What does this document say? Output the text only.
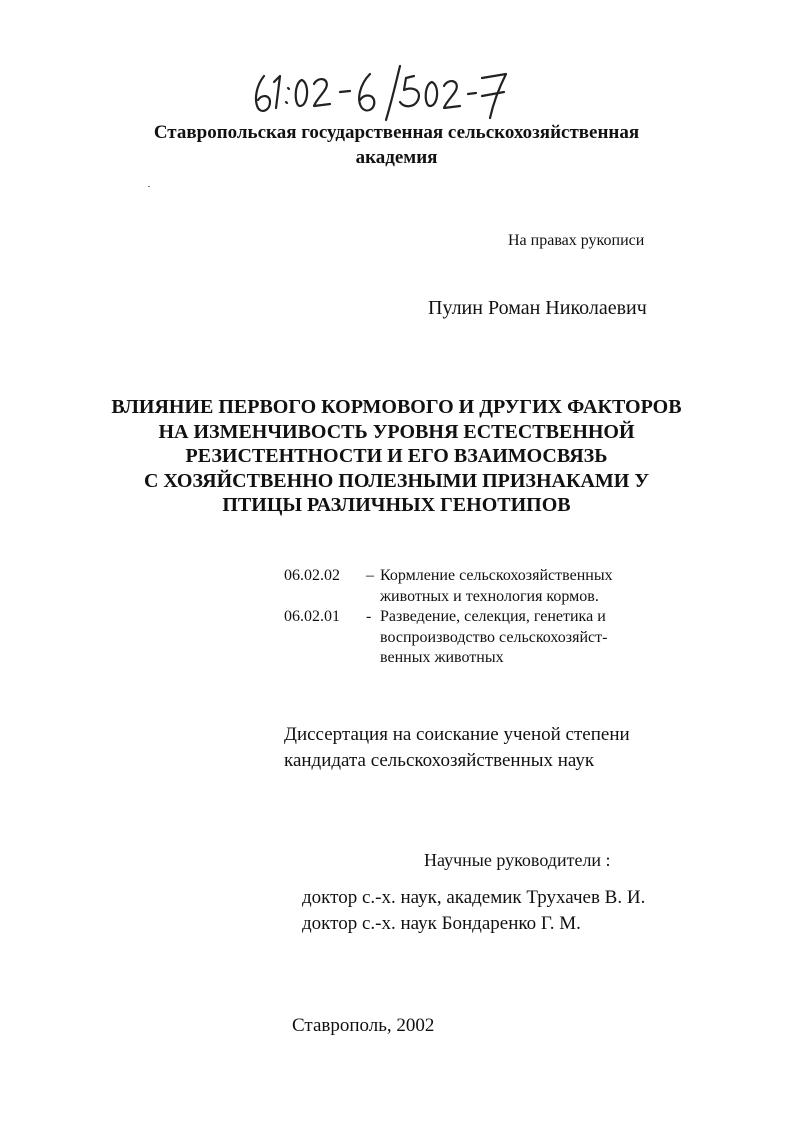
Ставропольская государственная сельскохозяйственная
академия
На правах рукописи
Пулин Роман Николаевич
ВЛИЯНИЕ ПЕРВОГО КОРМОВОГО И ДРУГИХ ФАКТОРОВ
НА ИЗМЕНЧИВОСТЬ УРОВНЯ ЕСТЕСТВЕННОЙ
РЕЗИСТЕНТНОСТИ И ЕГО ВЗАИМОСВЯЗЬ
С ХОЗЯЙСТВЕННО ПОЛЕЗНЫМИ ПРИЗНАКАМИ У
ПТИЦЫ РАЗЛИЧНЫХ ГЕНОТИПОВ
06.02.02	– Кормление сельскохозяйственных
животных и технология кормов.
06.02.01	- Разведение, селекция, генетика и
воспроизводство сельскохозяйст-
венных животных
Диссертация на соискание ученой степени
кандидата сельскохозяйственных наук
Научные руководители :
доктор с.-х. наук, академик Трухачев В. И.
доктор с.-х. наук Бондаренко Г. М.
Ставрополь, 2002
